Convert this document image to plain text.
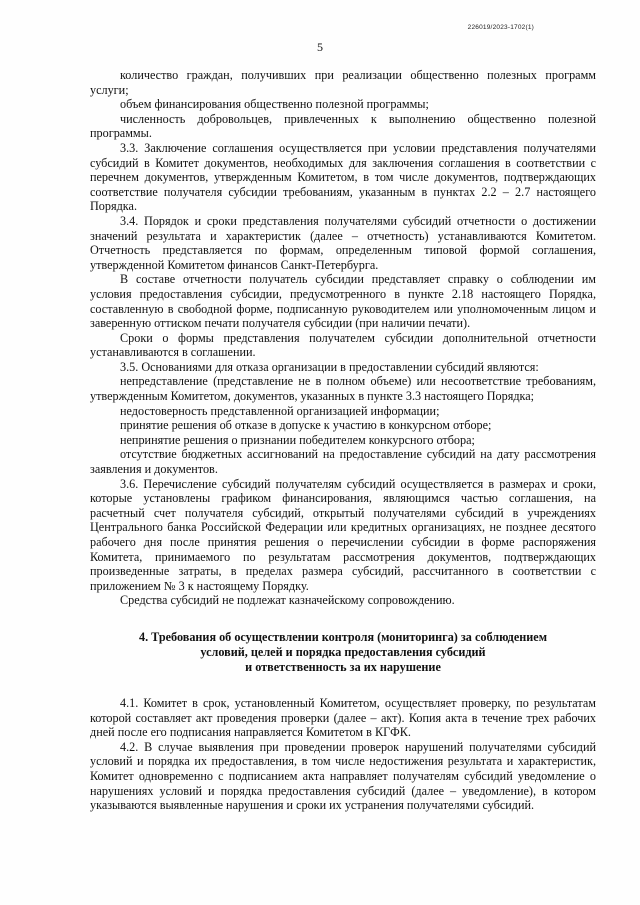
226019/2023-1702(1)
5

количество граждан, получивших при реализации общественно полезных программ услуги;

объем финансирования общественно полезной программы;

численность добровольцев, привлеченных к выполнению общественно полезной программы.

3.3. Заключение соглашения осуществляется при условии представления получателями субсидий в Комитет документов, необходимых для заключения соглашения в соответствии с перечнем документов, утвержденным Комитетом, в том числе документов, подтверждающих соответствие получателя субсидии требованиям, указанным в пунктах 2.2 – 2.7 настоящего Порядка.

3.4. Порядок и сроки представления получателями субсидий отчетности о достижении значений результата и характеристик (далее – отчетность) устанавливаются Комитетом. Отчетность представляется по формам, определенным типовой формой соглашения, утвержденной Комитетом финансов Санкт-Петербурга.

В составе отчетности получатель субсидии представляет справку о соблюдении им условия предоставления субсидии, предусмотренного в пункте 2.18 настоящего Порядка, составленную в свободной форме, подписанную руководителем или уполномоченным лицом и заверенную оттиском печати получателя субсидии (при наличии печати).

Сроки о формы представления получателем субсидии дополнительной отчетности устанавливаются в соглашении.

3.5. Основаниями для отказа организации в предоставлении субсидий являются:

непредставление (представление не в полном объеме) или несоответствие требованиям, утвержденным Комитетом, документов, указанных в пункте 3.3 настоящего Порядка;

недостоверность представленной организацией информации;

принятие решения об отказе в допуске к участию в конкурсном отборе;

непринятие решения о признании победителем конкурсного отбора;

отсутствие бюджетных ассигнований на предоставление субсидий на дату рассмотрения заявления и документов.

3.6. Перечисление субсидий получателям субсидий осуществляется в размерах и сроки, которые установлены графиком финансирования, являющимся частью соглашения, на расчетный счет получателя субсидий, открытый получателями субсидий в учреждениях Центрального банка Российской Федерации или кредитных организациях, не позднее десятого рабочего дня после принятия решения о перечислении субсидии в форме распоряжения Комитета, принимаемого по результатам рассмотрения документов, подтверждающих произведенные затраты, в пределах размера субсидий, рассчитанного в соответствии с приложением № 3 к настоящему Порядку.

Средства субсидий не подлежат казначейскому сопровождению.

4. Требования об осуществлении контроля (мониторинга) за соблюдением
условий, целей и порядка предоставления субсидий
и ответственность за их нарушение

4.1. Комитет в срок, установленный Комитетом, осуществляет проверку, по результатам которой составляет акт проведения проверки (далее – акт). Копия акта в течение трех рабочих дней после его подписания направляется Комитетом в КГФК.

4.2. В случае выявления при проведении проверок нарушений получателями субсидий условий и порядка их предоставления, в том числе недостижения результата и характеристик, Комитет одновременно с подписанием акта направляет получателям субсидий уведомление о нарушениях условий и порядка предоставления субсидий (далее – уведомление), в котором указываются выявленные нарушения и сроки их устранения получателями субсидий.
